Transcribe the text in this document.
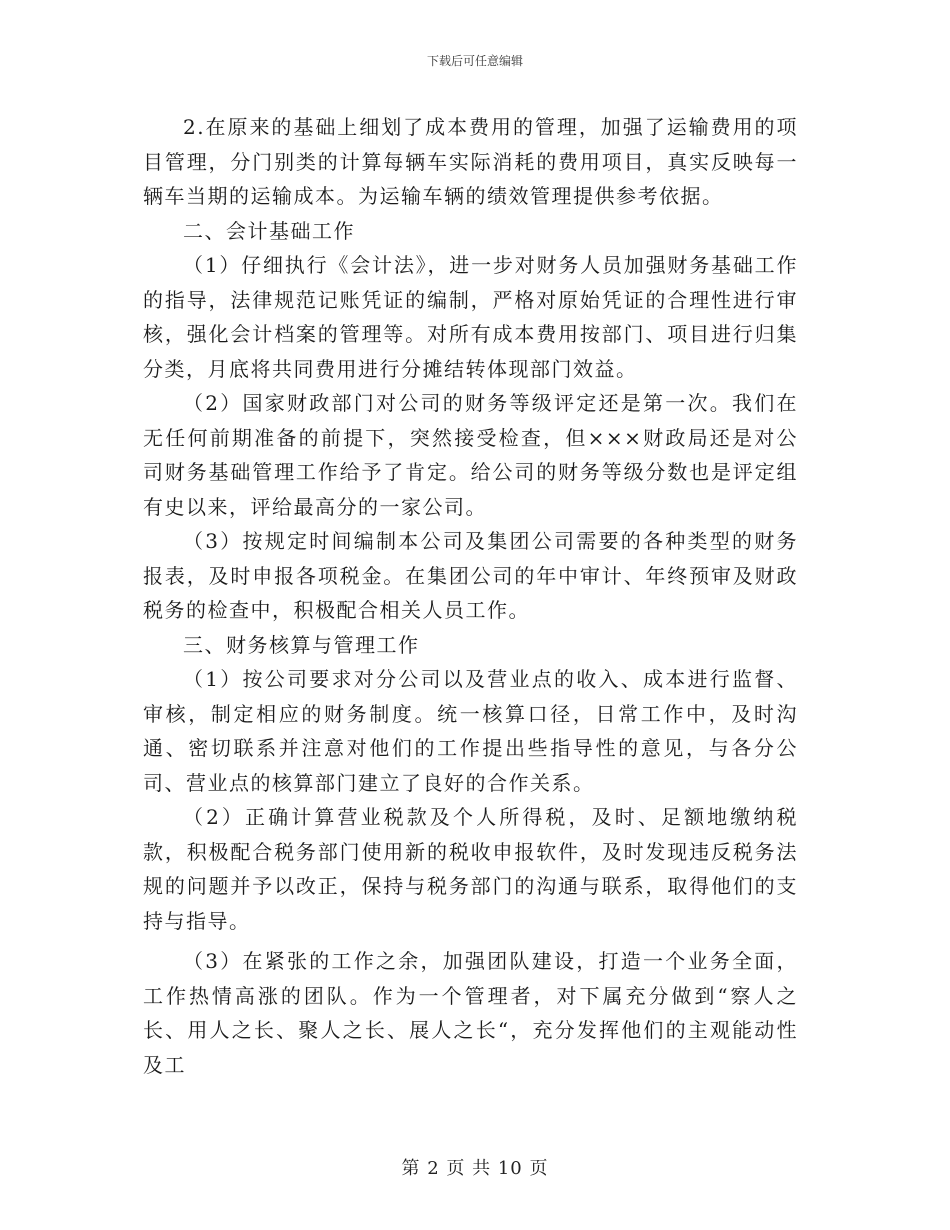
下载后可任意编辑

2.在原来的基础上细划了成本费用的管理，加强了运输费用的项目管理，分门别类的计算每辆车实际消耗的费用项目，真实反映每一辆车当期的运输成本。为运输车辆的绩效管理提供参考依据。

二、会计基础工作

（1）仔细执行《会计法》，进一步对财务人员加强财务基础工作的指导，法律规范记账凭证的编制，严格对原始凭证的合理性进行审核，强化会计档案的管理等。对所有成本费用按部门、项目进行归集分类，月底将共同费用进行分摊结转体现部门效益。

（2）国家财政部门对公司的财务等级评定还是第一次。我们在无任何前期准备的前提下，突然接受检查，但×××财政局还是对公司财务基础管理工作给予了肯定。给公司的财务等级分数也是评定组有史以来，评给最高分的一家公司。

（3）按规定时间编制本公司及集团公司需要的各种类型的财务报表，及时申报各项税金。在集团公司的年中审计、年终预审及财政税务的检查中，积极配合相关人员工作。

三、财务核算与管理工作

（1）按公司要求对分公司以及营业点的收入、成本进行监督、审核，制定相应的财务制度。统一核算口径，日常工作中，及时沟通、密切联系并注意对他们的工作提出些指导性的意见，与各分公司、营业点的核算部门建立了良好的合作关系。

（2）正确计算营业税款及个人所得税，及时、足额地缴纳税款，积极配合税务部门使用新的税收申报软件，及时发现违反税务法规的问题并予以改正，保持与税务部门的沟通与联系，取得他们的支持与指导。

（3）在紧张的工作之余，加强团队建设，打造一个业务全面，工作热情高涨的团队。作为一个管理者，对下属充分做到“察人之长、用人之长、聚人之长、展人之长“，充分发挥他们的主观能动性及工

第 2 页 共 10 页
